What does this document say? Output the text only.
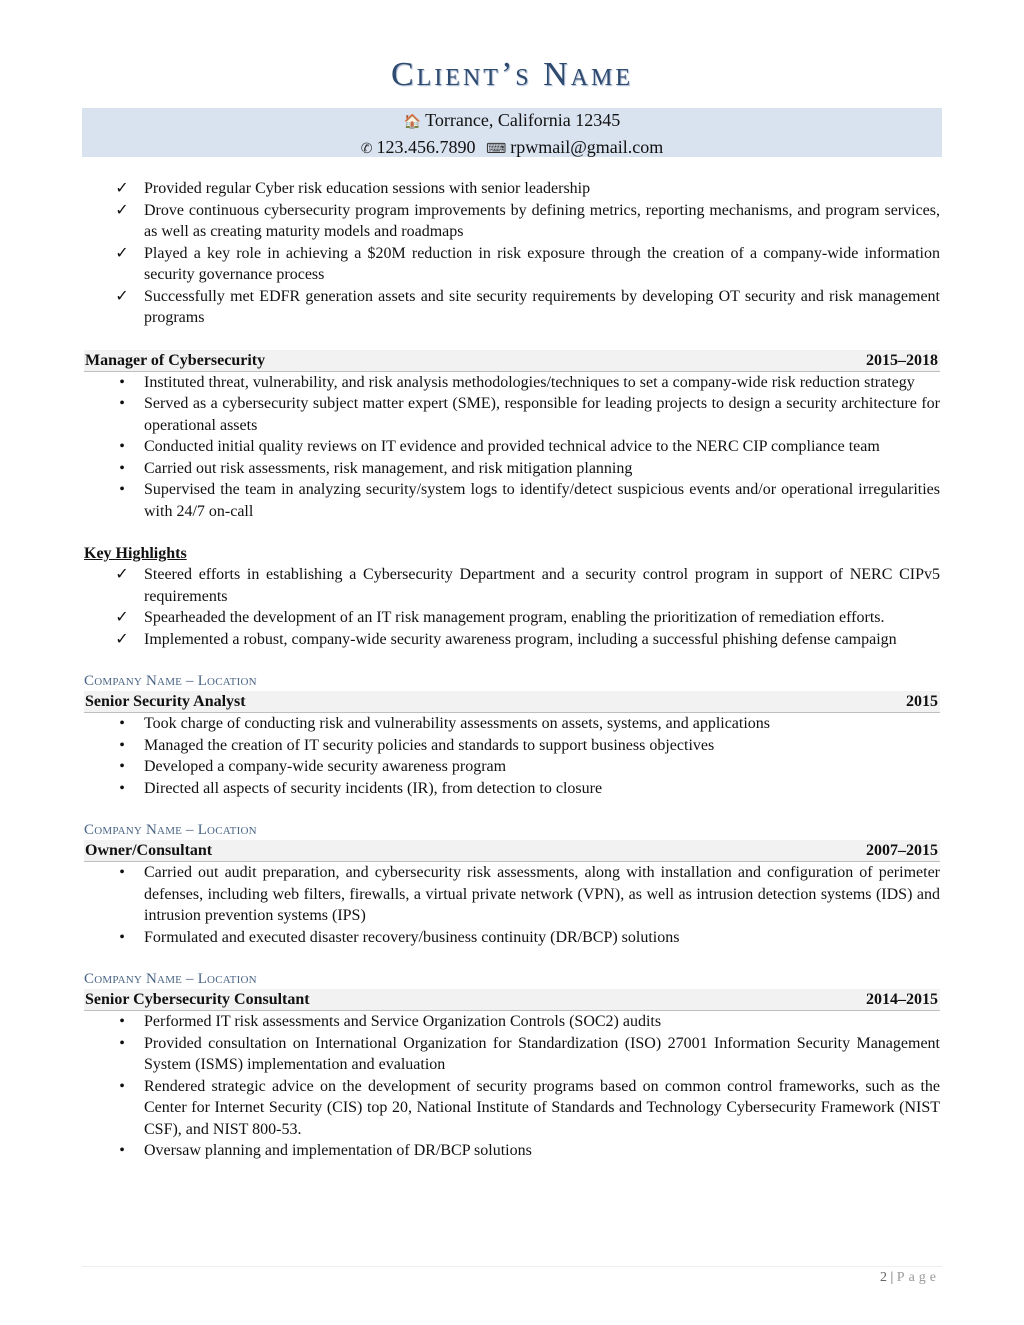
Client’s Name
🏠 Torrance, California 12345
✆ 123.456.7890 ⌨ rpwmail@gmail.com
✓ Provided regular Cyber risk education sessions with senior leadership
✓ Drove continuous cybersecurity program improvements by defining metrics, reporting mechanisms, and program services, as well as creating maturity models and roadmaps
✓ Played a key role in achieving a $20M reduction in risk exposure through the creation of a company-wide information security governance process
✓ Successfully met EDFR generation assets and site security requirements by developing OT security and risk management programs
Manager of Cybersecurity	2015–2018
•	Instituted threat, vulnerability, and risk analysis methodologies/techniques to set a company-wide risk reduction strategy
•	Served as a cybersecurity subject matter expert (SME), responsible for leading projects to design a security architecture for operational assets
•	Conducted initial quality reviews on IT evidence and provided technical advice to the NERC CIP compliance team
•	Carried out risk assessments, risk management, and risk mitigation planning
•	Supervised the team in analyzing security/system logs to identify/detect suspicious events and/or operational irregularities with 24/7 on-call
Key Highlights
✓ Steered efforts in establishing a Cybersecurity Department and a security control program in support of NERC CIPv5 requirements
✓ Spearheaded the development of an IT risk management program, enabling the prioritization of remediation efforts.
✓ Implemented a robust, company-wide security awareness program, including a successful phishing defense campaign
Company Name – Location
Senior Security Analyst	2015
•	Took charge of conducting risk and vulnerability assessments on assets, systems, and applications
•	Managed the creation of IT security policies and standards to support business objectives
•	Developed a company-wide security awareness program
•	Directed all aspects of security incidents (IR), from detection to closure
Company Name – Location
Owner/Consultant	2007–2015
•	Carried out audit preparation, and cybersecurity risk assessments, along with installation and configuration of perimeter defenses, including web filters, firewalls, a virtual private network (VPN), as well as intrusion detection systems (IDS) and intrusion prevention systems (IPS)
•	Formulated and executed disaster recovery/business continuity (DR/BCP) solutions
Company Name – Location
Senior Cybersecurity Consultant	2014–2015
•	Performed IT risk assessments and Service Organization Controls (SOC2) audits
•	Provided consultation on International Organization for Standardization (ISO) 27001 Information Security Management System (ISMS) implementation and evaluation
•	Rendered strategic advice on the development of security programs based on common control frameworks, such as the Center for Internet Security (CIS) top 20, National Institute of Standards and Technology Cybersecurity Framework (NIST CSF), and NIST 800-53.
•	Oversaw planning and implementation of DR/BCP solutions
2 | Page
